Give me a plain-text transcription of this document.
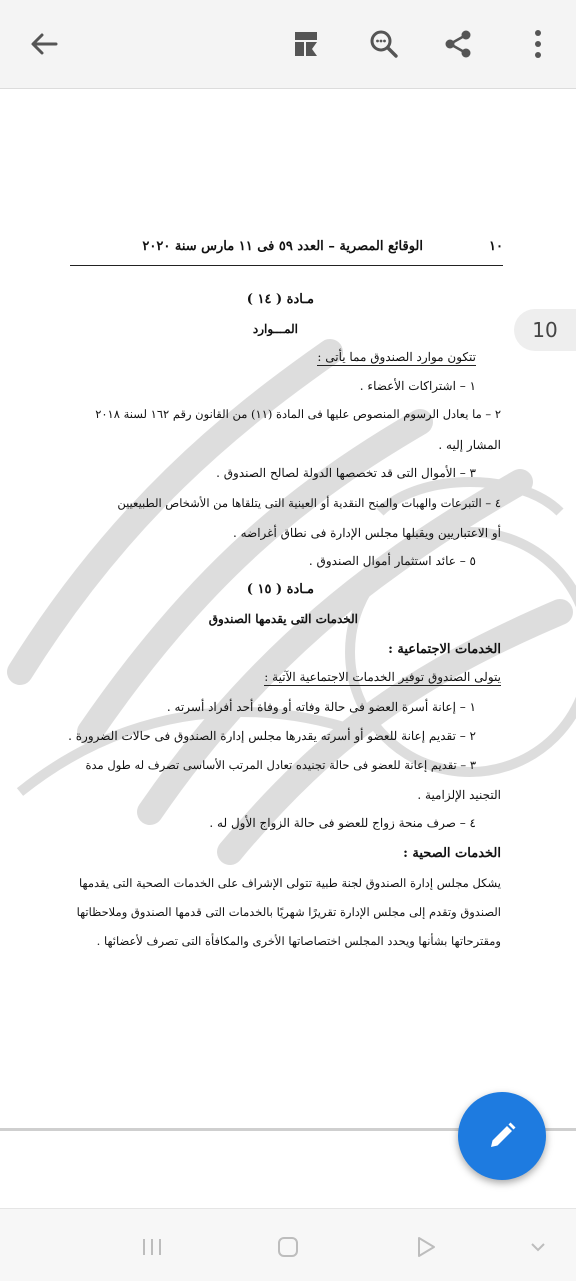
١٠
الوقائع المصرية – العدد ٥٩ فى ١١ مارس سنة ٢٠٢٠
مـادة ( ١٤ )
المـــوارد
تتكون موارد الصندوق مما يأتى :
١ – اشتراكات الأعضاء .
٢ – ما يعادل الرسوم المنصوص عليها فى المادة (١١) من القانون رقم ١٦٢ لسنة ٢٠١٨
المشار إليه .
٣ – الأموال التى قد تخصصها الدولة لصالح الصندوق .
٤ – التبرعات والهبات والمنح النقدية أو العينية التى يتلقاها من الأشخاص الطبيعيين
أو الاعتباريين ويقبلها مجلس الإدارة فى نطاق أغراضه .
٥ – عائد استثمار أموال الصندوق .
مـادة ( ١٥ )
الخدمات التى يقدمها الصندوق
الخدمات الاجتماعية :
يتولى الصندوق توفير الخدمات الاجتماعية الآتية :
١ – إعانة أسرة العضو فى حالة وفاته أو وفاة أحد أفراد أسرته .
٢ – تقديم إعانة للعضو أو أسرته يقدرها مجلس إدارة الصندوق فى حالات الضرورة .
٣ – تقديم إعانة للعضو فى حالة تجنيده تعادل المرتب الأساسى تصرف له طول مدة
التجنيد الإلزامية .
٤ – صرف منحة زواج للعضو فى حالة الزواج الأول له .
الخدمات الصحية :
يشكل مجلس إدارة الصندوق لجنة طبية تتولى الإشراف على الخدمات الصحية التى يقدمها
الصندوق وتقدم إلى مجلس الإدارة تقريرًا شهريًا بالخدمات التى قدمها الصندوق وملاحظاتها
ومقترحاتها بشأنها ويحدد المجلس اختصاصاتها الأخرى والمكافأة التى تصرف لأعضائها .
10
